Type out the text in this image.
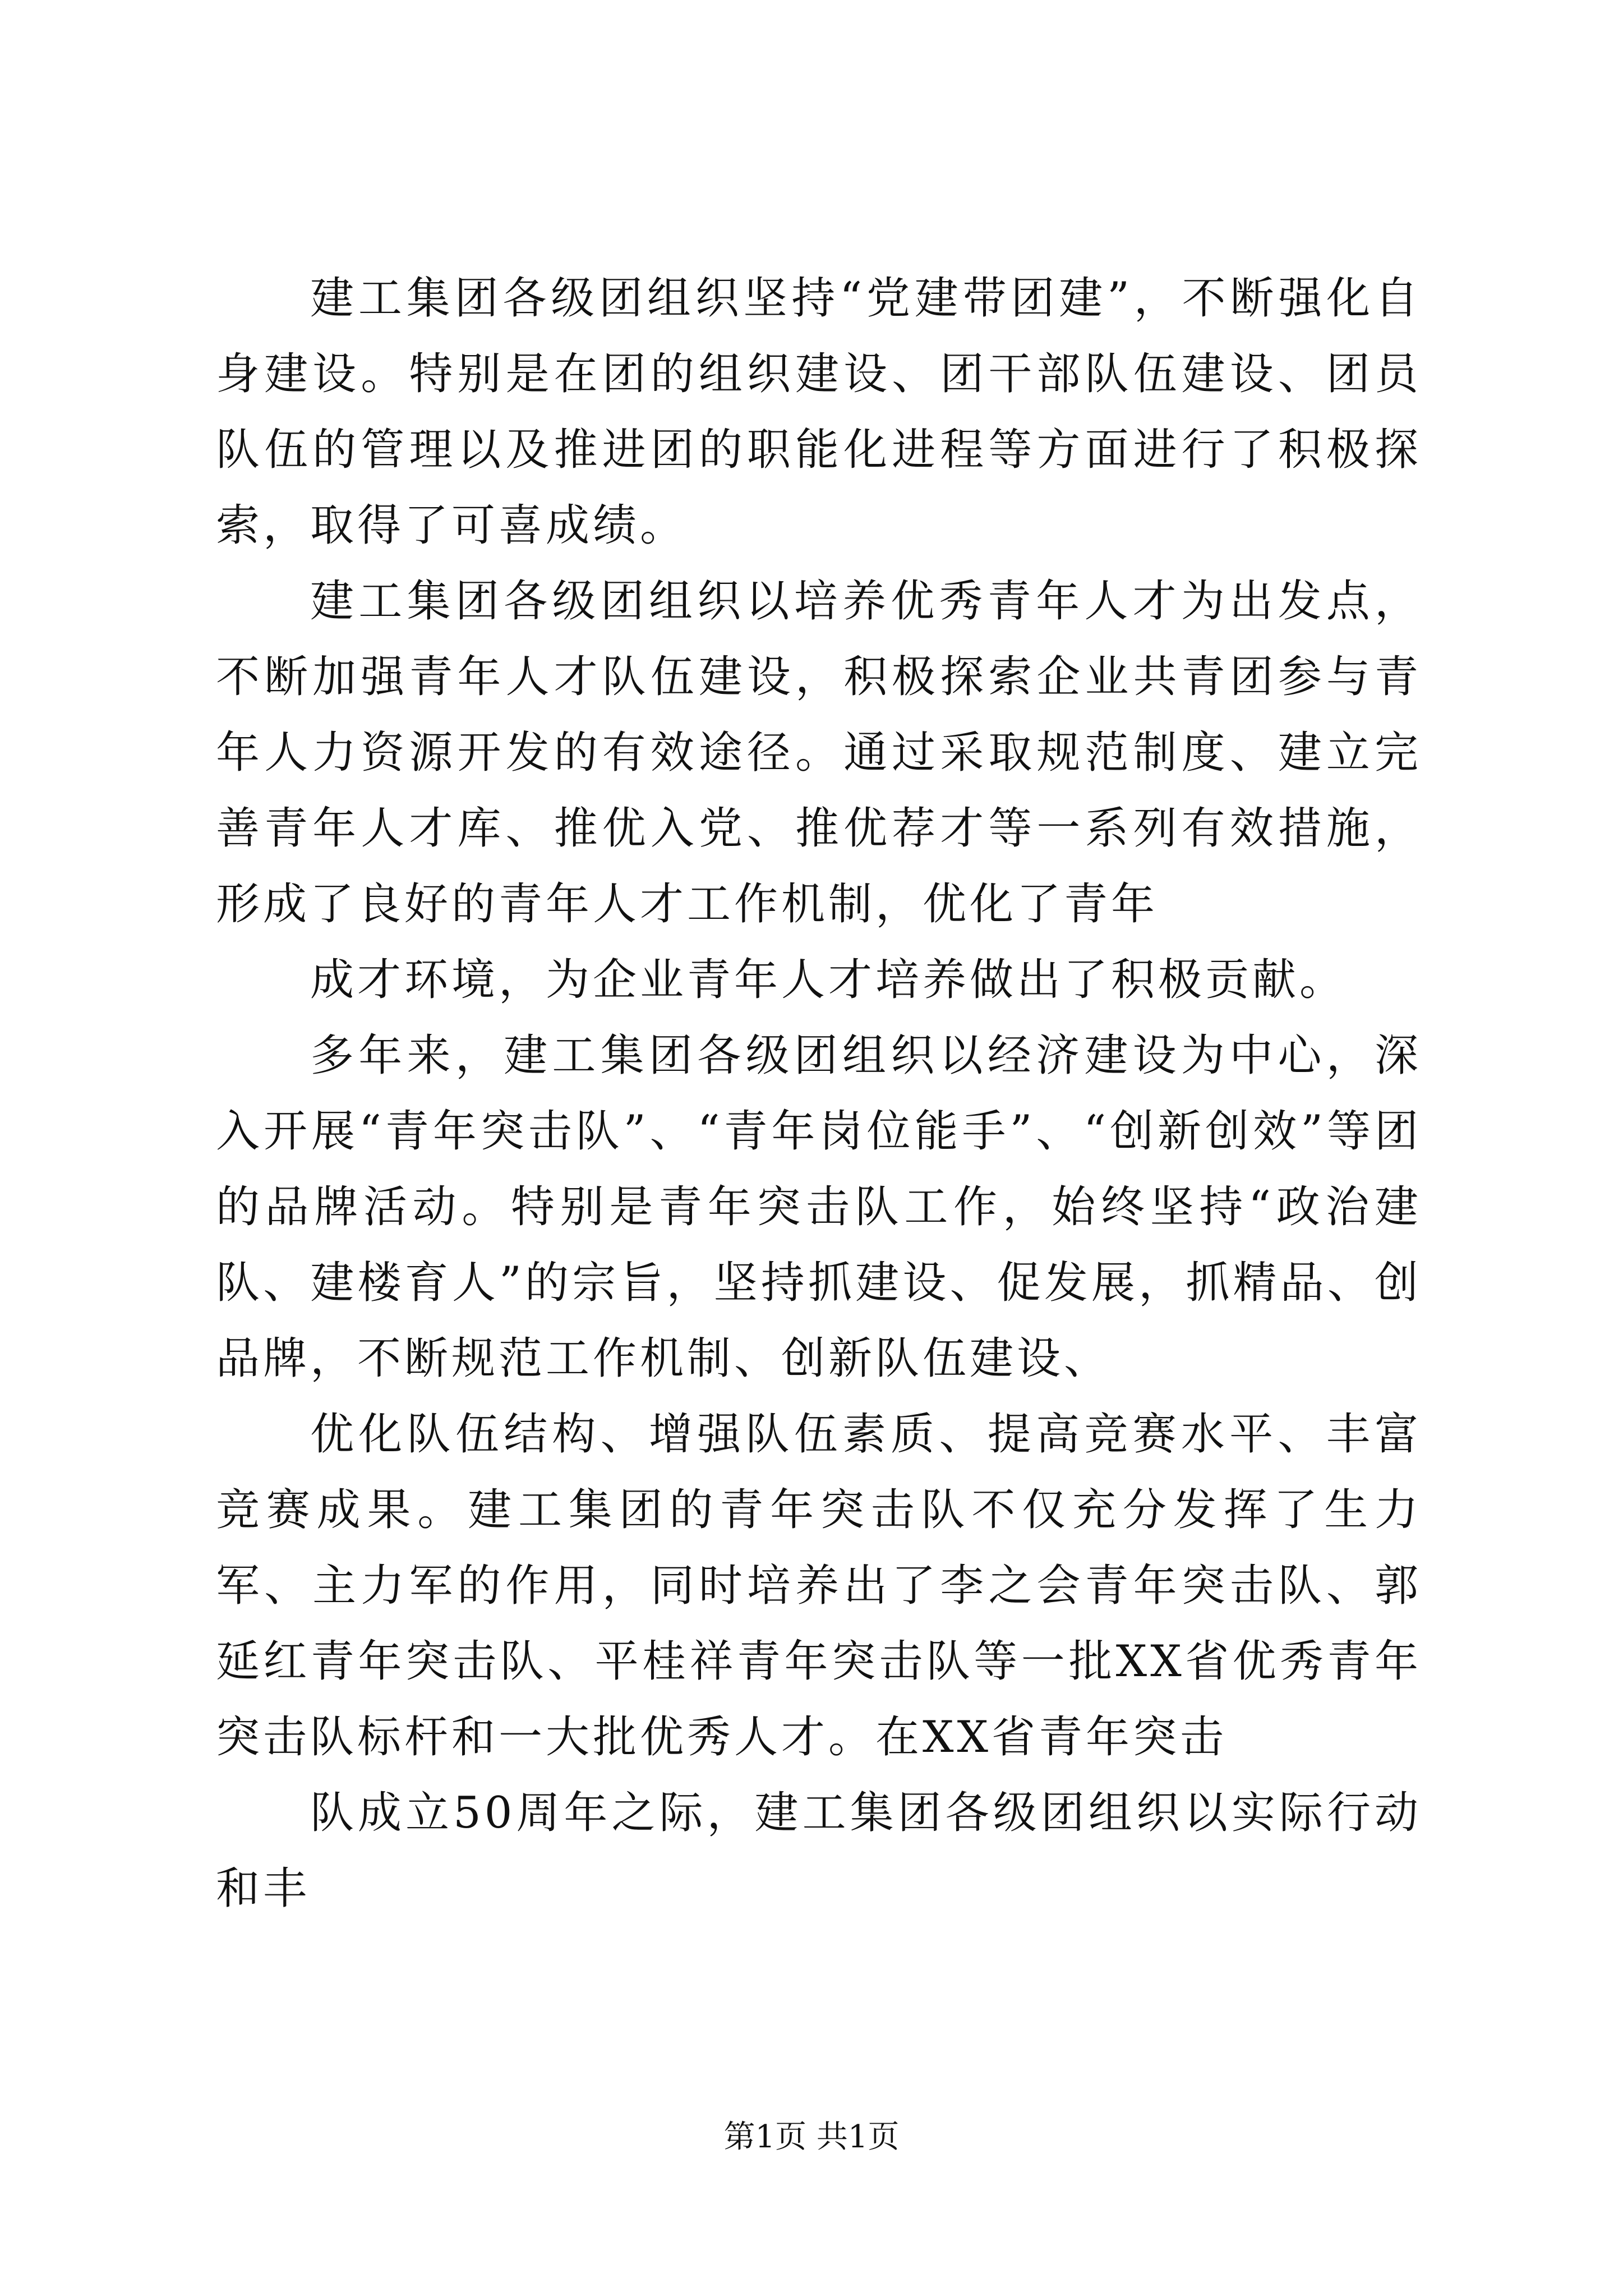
建工集团各级团组织坚持“党建带团建”，不断强化自身建设。特别是在团的组织建设、团干部队伍建设、团员队伍的管理以及推进团的职能化进程等方面进行了积极探索，取得了可喜成绩。

建工集团各级团组织以培养优秀青年人才为出发点，不断加强青年人才队伍建设，积极探索企业共青团参与青年人力资源开发的有效途径。通过采取规范制度、建立完善青年人才库、推优入党、推优荐才等一系列有效措施，形成了良好的青年人才工作机制，优化了青年

成才环境，为企业青年人才培养做出了积极贡献。

多年来，建工集团各级团组织以经济建设为中心，深入开展“青年突击队”、“青年岗位能手”、“创新创效”等团的品牌活动。特别是青年突击队工作，始终坚持“政治建队、建楼育人”的宗旨，坚持抓建设、促发展，抓精品、创品牌，不断规范工作机制、创新队伍建设、

优化队伍结构、增强队伍素质、提高竞赛水平、丰富竞赛成果。建工集团的青年突击队不仅充分发挥了生力军、主力军的作用，同时培养出了李之会青年突击队、郭延红青年突击队、平桂祥青年突击队等一批XX省优秀青年突击队标杆和一大批优秀人才。在XX省青年突击

队成立50周年之际，建工集团各级团组织以实际行动和丰

第1页 共1页
